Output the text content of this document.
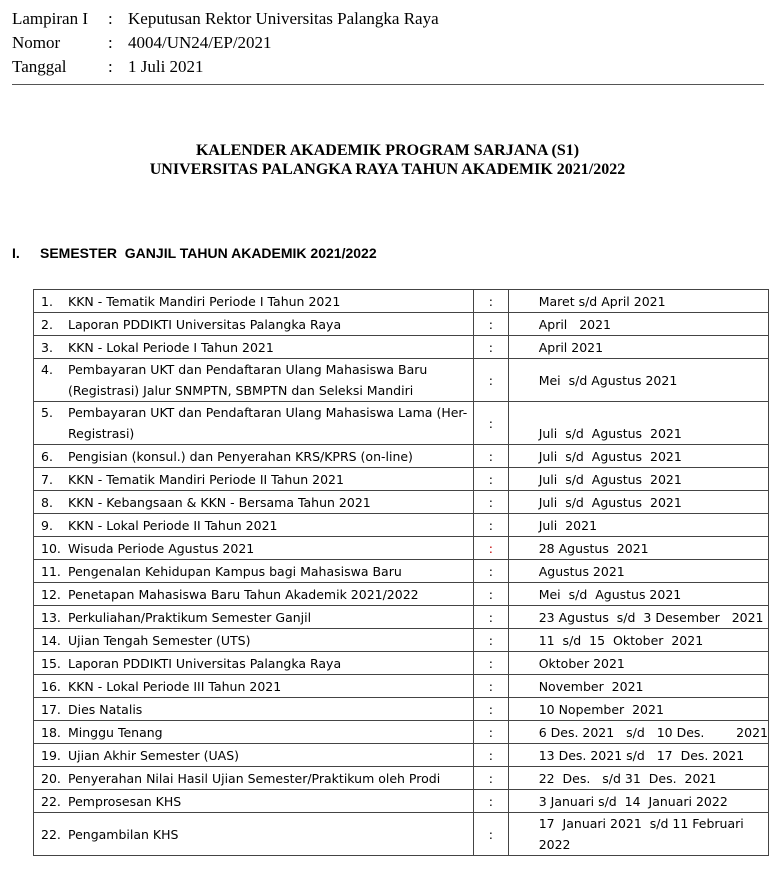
Lampiran I	: Keputusan Rektor Universitas Palangka Raya
Nomor	: 4004/UN24/EP/2021
Tanggal	: 1 Juli 2021
KALENDER AKADEMIK PROGRAM SARJANA (S1)
UNIVERSITAS PALANGKA RAYA TAHUN AKADEMIK 2021/2022
I.	SEMESTER  GANJIL TAHUN AKADEMIK 2021/2022
1. KKN - Tematik Mandiri Periode I Tahun 2021	:	Maret s/d April 2021

2. Laporan PDDIKTI Universitas Palangka Raya	:	April   2021

3. KKN - Lokal Periode I Tahun 2021	:	April 2021

4. Pembayaran UKT dan Pendaftaran Ulang Mahasiswa Baru (Registrasi) Jalur SNMPTN, SBMPTN dan Seleksi Mandiri	:	Mei  s/d Agustus 2021

5. Pembayaran UKT dan Pendaftaran Ulang Mahasiswa Lama (Her-Registrasi)	:	Juli  s/d  Agustus  2021

6. Pengisian (konsul.) dan Penyerahan KRS/KPRS (on-line)	:	Juli  s/d  Agustus  2021

7. KKN - Tematik Mandiri Periode II Tahun 2021	:	Juli  s/d  Agustus  2021

8. KKN - Kebangsaan & KKN - Bersama Tahun 2021	:	Juli  s/d  Agustus  2021

9. KKN - Lokal Periode II Tahun 2021	:	Juli  2021

10. Wisuda Periode Agustus 2021	:	28 Agustus  2021

11. Pengenalan Kehidupan Kampus bagi Mahasiswa Baru	:	Agustus 2021

12. Penetapan Mahasiswa Baru Tahun Akademik 2021/2022	:	Mei  s/d  Agustus 2021

13. Perkuliahan/Praktikum Semester Ganjil	:	23 Agustus  s/d  3 Desember   2021

14. Ujian Tengah Semester (UTS)	:	11  s/d  15  Oktober  2021

15. Laporan PDDIKTI Universitas Palangka Raya	:	Oktober 2021

16. KKN - Lokal Periode III Tahun 2021	:	November  2021

17. Dies Natalis	:	10 Nopember  2021

18. Minggu Tenang	:	6 Des. 2021   s/d   10 Des.        2021

19. Ujian Akhir Semester (UAS)	:	13 Des. 2021 s/d   17  Des. 2021

20. Penyerahan Nilai Hasil Ujian Semester/Praktikum oleh Prodi	:	22  Des.   s/d 31  Des.  2021

22. Pemprosesan KHS	:	3 Januari s/d  14  Januari 2022

22. Pengambilan KHS	:	17  Januari 2021  s/d 11 Februari 2022
